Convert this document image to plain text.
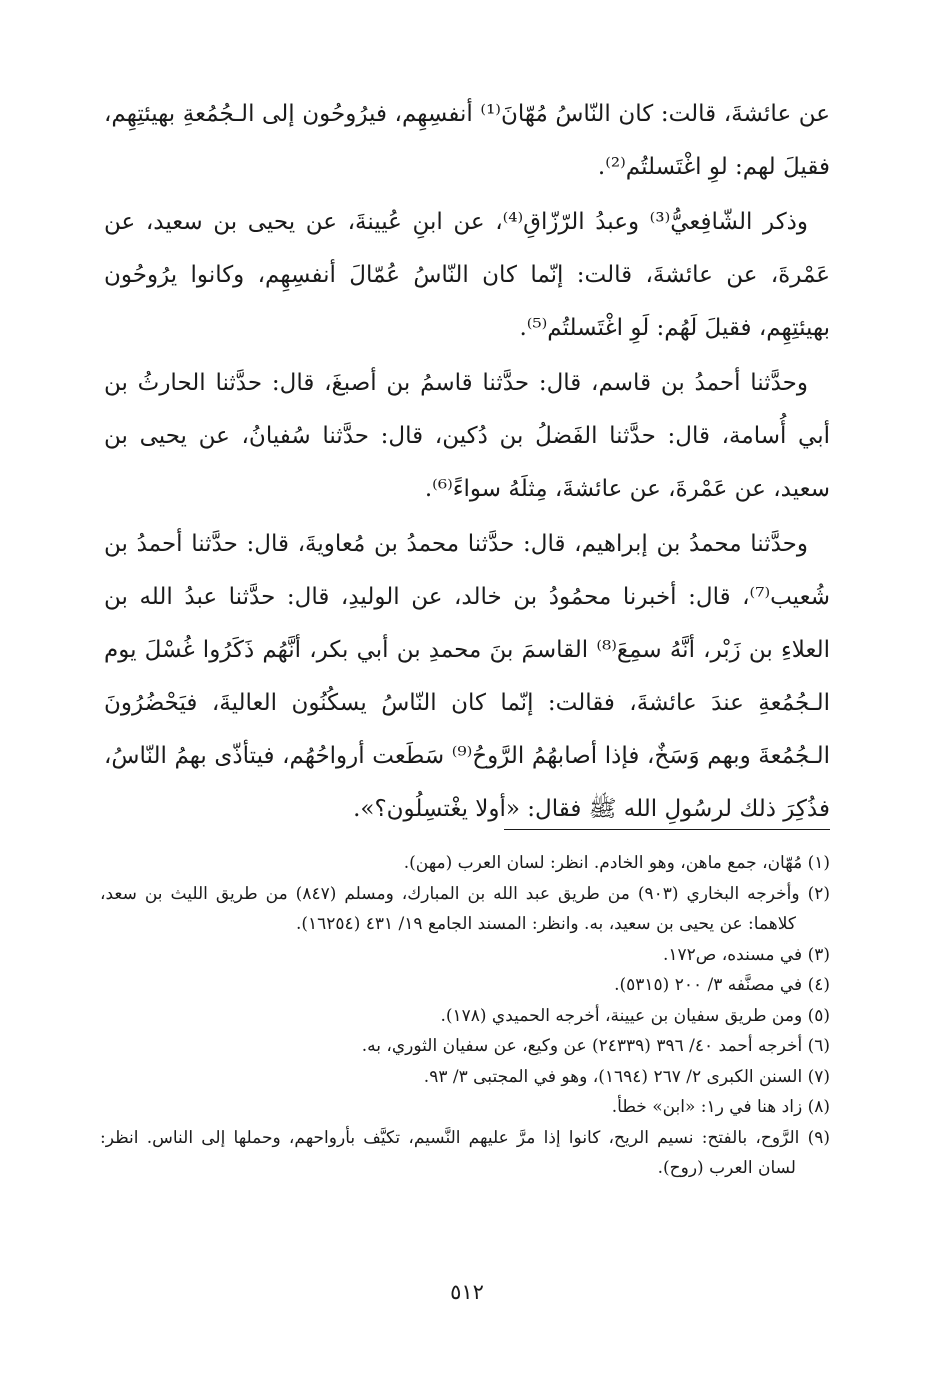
عن عائشةَ، قالت: كان النّاسُ مُهّانَ⁽¹⁾ أنفسِهِم، فيرُوحُون إلى الـجُمُعةِ بهيئتِهِم، فقيلَ لهم: لوِ اغْتَسلتُم⁽²⁾.

وذكر الشّافِعيُّ⁽³⁾ وعبدُ الرّزّاقِ⁽⁴⁾، عن ابنِ عُيينةَ، عن يحيى بن سعيد، عن عَمْرةَ، عن عائشةَ، قالت: إنّما كان النّاسُ عُمّالَ أنفسِهِم، وكانوا يرُوحُون بهيئتِهِم، فقيلَ لَهُم: لَوِ اغْتَسلتُم⁽⁵⁾.

وحدَّثنا أحمدُ بن قاسم، قال: حدَّثنا قاسمُ بن أصبغَ، قال: حدَّثنا الحارثُ بن أبي أُسامة، قال: حدَّثنا الفَضلُ بن دُكين، قال: حدَّثنا سُفيانُ، عن يحيى بن سعيد، عن عَمْرةَ، عن عائشةَ، مِثلَهُ سواءً⁽⁶⁾.

وحدَّثنا محمدُ بن إبراهيم، قال: حدَّثنا محمدُ بن مُعاويةَ، قال: حدَّثنا أحمدُ بن شُعيب⁽⁷⁾، قال: أخبرنا محمُودُ بن خالد، عن الوليدِ، قال: حدَّثنا عبدُ الله بن العلاءِ بن زَبْر، أنَّهُ سمِعَ⁽⁸⁾ القاسمَ بنَ محمدِ بن أبي بكر، أنَّهُم ذَكَرُوا غُسْلَ يوم الـجُمُعةِ عندَ عائشةَ، فقالت: إنّما كان النّاسُ يسكُنُون العاليةَ، فيَحْضُرُونَ الـجُمُعةَ وبهم وَسَخٌ، فإذا أصابهُمُ الرَّوحُ⁽⁹⁾ سَطَعت أرواحُهُم، فيتأذّى بهمُ النّاسُ، فذُكِرَ ذلك لرسُولِ الله ﷺ فقال: «أولا يغْتسِلُون؟».

(١) مُهّان، جمع ماهن، وهو الخادم. انظر: لسان العرب (مهن).

(٢) وأخرجه البخاري (٩٠٣) من طريق عبد الله بن المبارك، ومسلم (٨٤٧) من طريق الليث بن سعد، كلاهما: عن يحيى بن سعيد، به. وانظر: المسند الجامع ١٩/ ٤٣١ (١٦٢٥٤).

(٣) في مسنده، ص١٧٢.

(٤) في مصنَّفه ٣/ ٢٠٠ (٥٣١٥).

(٥) ومن طريق سفيان بن عيينة، أخرجه الحميدي (١٧٨).

(٦) أخرجه أحمد ٤٠/ ٣٩٦ (٢٤٣٣٩) عن وكيع، عن سفيان الثوري، به.

(٧) السنن الكبرى ٢/ ٢٦٧ (١٦٩٤)، وهو في المجتبى ٣/ ٩٣.

(٨) زاد هنا في ر١: «ابن» خطأ.

(٩) الرَّوح، بالفتح: نسيم الريح، كانوا إذا مرَّ عليهم النَّسيم، تكيَّف بأرواحهم، وحملها إلى الناس. انظر: لسان العرب (روح).

٥١٢
